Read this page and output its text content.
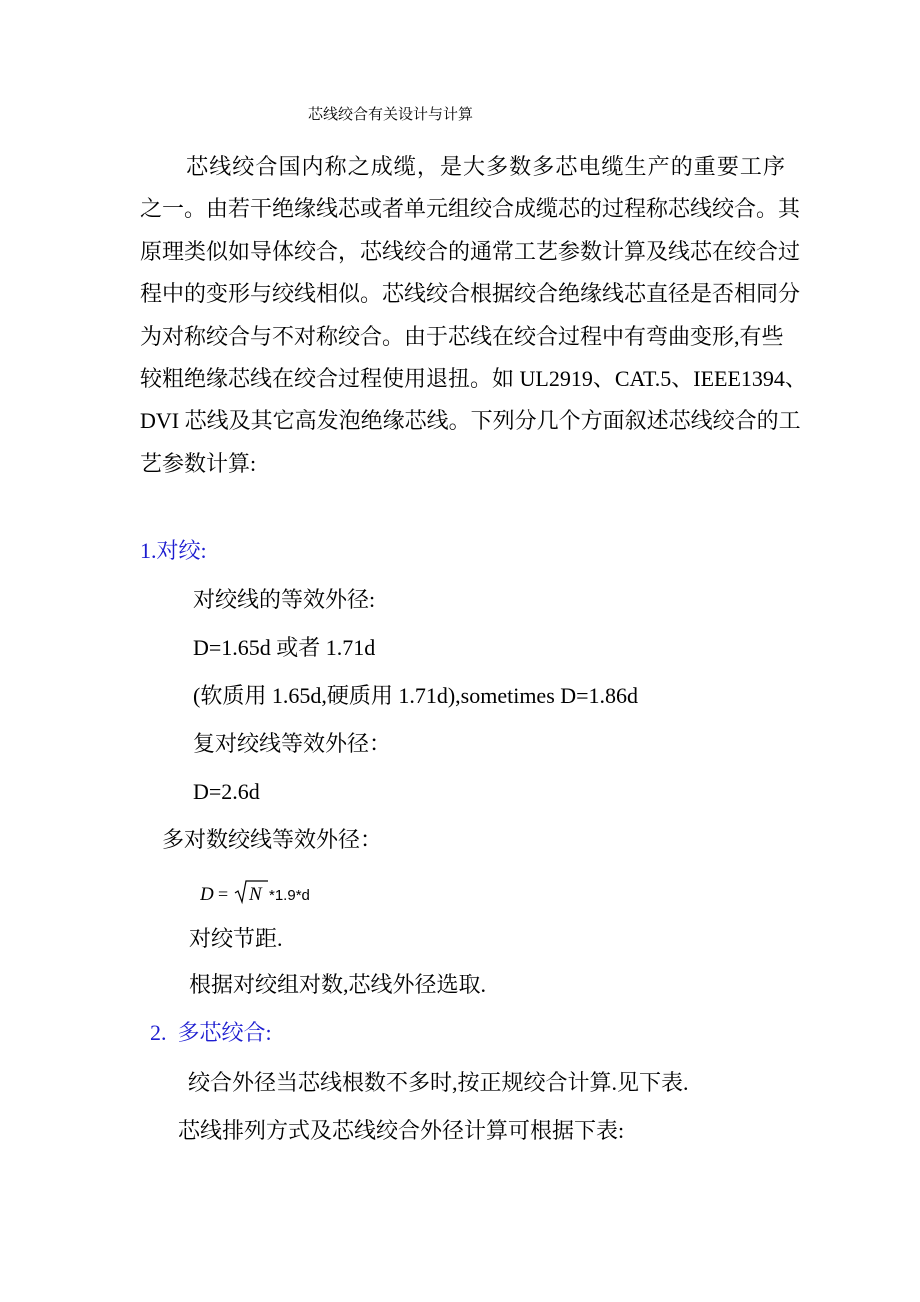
芯线绞合有关设计与计算
　　芯线绞合国内称之成缆，是大多数多芯电缆生产的重要工序
之一。由若干绝缘线芯或者单元组绞合成缆芯的过程称芯线绞合。其
原理类似如导体绞合，芯线绞合的通常工艺参数计算及线芯在绞合过
程中的变形与绞线相似。芯线绞合根据绞合绝缘线芯直径是否相同分
为对称绞合与不对称绞合。由于芯线在绞合过程中有弯曲变形,有些
较粗绝缘芯线在绞合过程使用退扭。如 UL2919、CAT.5、IEEE1394、
DVI 芯线及其它高发泡绝缘芯线。下列分几个方面叙述芯线绞合的工
艺参数计算:
1.对绞:
对绞线的等效外径:
D=1.65d 或者 1.71d
(软质用 1.65d,硬质用 1.71d),sometimes D=1.86d
复对绞线等效外径：
D=2.6d
多对数绞线等效外径：
D = N *1.9*d
对绞节距.
根据对绞组对数,芯线外径选取.
2.  多芯绞合:
绞合外径当芯线根数不多时,按正规绞合计算.见下表.
芯线排列方式及芯线绞合外径计算可根据下表:
